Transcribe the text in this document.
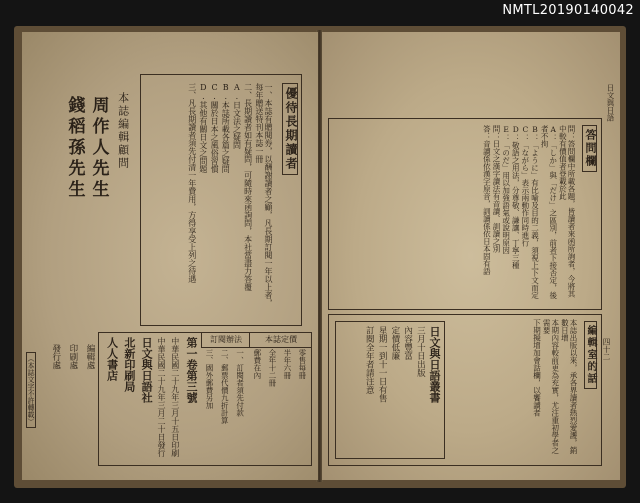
NMTL20190140042
優待長期讀者
一、本誌有贈閱券，以酬謝讀者之顧，凡長期訂閱一年以上者，每年贈送特刊本誌一冊
二、長期讀者如有疑問，可隨時來函詢問，本社當盡力答覆
A.日文法之疑問
B.本誌所載各篇之疑問
C.關於日本之風俗習慣
D.其他有關日文之問題
三、凡長期讀者須先付清一年費用，方得享受上列之待遇
本誌編輯顧問
周作人先生
錢稻孫先生
本誌定價
訂閱辦法
零售每冊
半年六冊
全年十二冊
郵費在內
一、訂閱者須先付款
二、郵票代價九折計算
三、國外郵費另加
第一卷第三號
中華民國二十九年三月十五日印刷
中華民國二十九年三月二十日發行
日文與日語社
北新印刷局
人人書店
編輯處
印刷處
發行處
（本誌文字不許轉載）
日文與日語
答問欄
問：答問欄中所載各題，皆讀者來函所詢者，今將其中較有價值者登載於此
A：「しか」與「だけ」之區別，前者下接否定，後者不拘
B：「ように」有比喻及目的二義，須視上下文而定
C：「ながら」表示兩動作同時進行
D：敬語之用法，分尊敬、謙讓、丁寧三種
E：「のだ」用以加強語氣或說明原因
問：日文之漢字讀法有音讀、訓讀之別
答：音讀係依漢字原音，訓讀係依日本固有語
編輯室的話
本誌出版以來，承各界讀者熱烈愛護，銷數日增
本期內容較前更為充實，尤注重初學者之需要
下期擬增加會話欄，以饗讀者
日文與日語叢書
三月十日出版
內容豐富
定價低廉
星期一到十一日有售
訂閱全年者請注意	四十二
